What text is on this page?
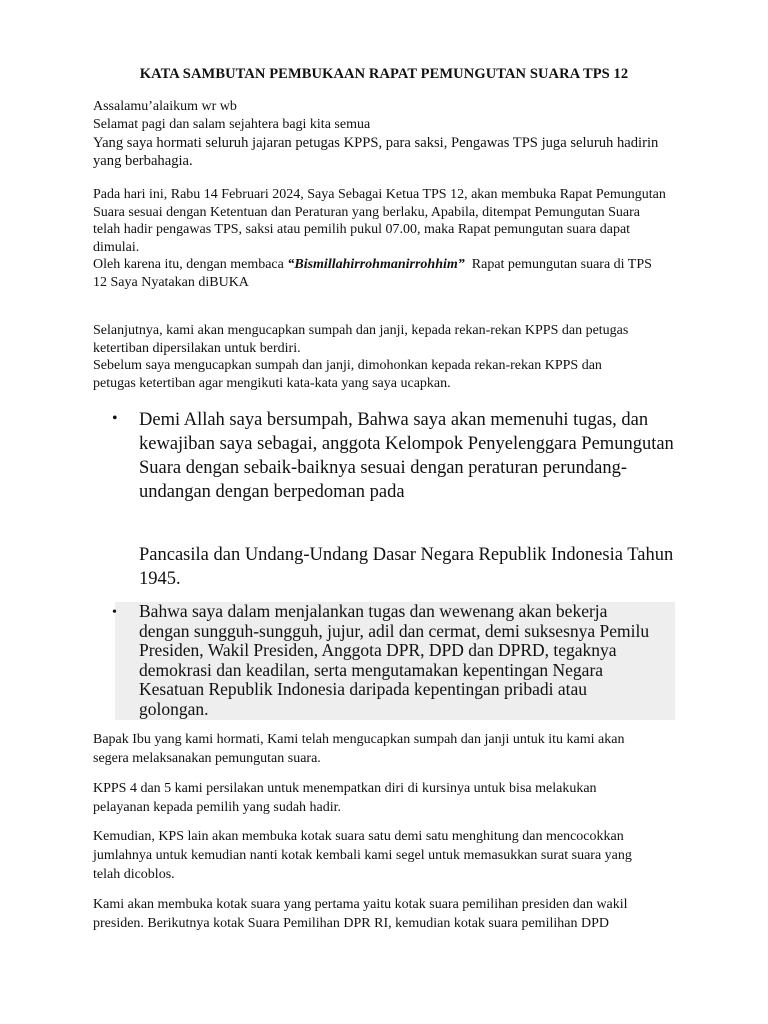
KATA SAMBUTAN PEMBUKAAN RAPAT PEMUNGUTAN SUARA TPS 12
Assalamu’alaikum wr wb
Selamat pagi dan salam sejahtera bagi kita semua
Yang saya hormati seluruh jajaran petugas KPPS, para saksi, Pengawas TPS juga seluruh hadirin
yang berbahagia.
Pada hari ini, Rabu 14 Februari 2024, Saya Sebagai Ketua TPS 12, akan membuka Rapat Pemungutan
Suara sesuai dengan Ketentuan dan Peraturan yang berlaku, Apabila, ditempat Pemungutan Suara
telah hadir pengawas TPS, saksi atau pemilih pukul 07.00, maka Rapat pemungutan suara dapat
dimulai.
Oleh karena itu, dengan membaca “Bismillahirrohmanirrohhim”  Rapat pemungutan suara di TPS
12 Saya Nyatakan diBUKA
Selanjutnya, kami akan mengucapkan sumpah dan janji, kepada rekan-rekan KPPS dan petugas
ketertiban dipersilakan untuk berdiri.
Sebelum saya mengucapkan sumpah dan janji, dimohonkan kepada rekan-rekan KPPS dan
petugas ketertiban agar mengikuti kata-kata yang saya ucapkan.
• Demi Allah saya bersumpah, Bahwa saya akan memenuhi tugas, dan
kewajiban saya sebagai, anggota Kelompok Penyelenggara Pemungutan
Suara dengan sebaik-baiknya sesuai dengan peraturan perundang-
undangan dengan berpedoman pada
Pancasila dan Undang-Undang Dasar Negara Republik Indonesia Tahun
1945.
• Bahwa saya dalam menjalankan tugas dan wewenang akan bekerja
dengan sungguh-sungguh, jujur, adil dan cermat, demi suksesnya Pemilu
Presiden, Wakil Presiden, Anggota DPR, DPD dan DPRD, tegaknya
demokrasi dan keadilan, serta mengutamakan kepentingan Negara
Kesatuan Republik Indonesia daripada kepentingan pribadi atau
golongan.
Bapak Ibu yang kami hormati, Kami telah mengucapkan sumpah dan janji untuk itu kami akan
segera melaksanakan pemungutan suara.
KPPS 4 dan 5 kami persilakan untuk menempatkan diri di kursinya untuk bisa melakukan
pelayanan kepada pemilih yang sudah hadir.
Kemudian, KPS lain akan membuka kotak suara satu demi satu menghitung dan mencocokkan
jumlahnya untuk kemudian nanti kotak kembali kami segel untuk memasukkan surat suara yang
telah dicoblos.
Kami akan membuka kotak suara yang pertama yaitu kotak suara pemilihan presiden dan wakil
presiden. Berikutnya kotak Suara Pemilihan DPR RI, kemudian kotak suara pemilihan DPD
